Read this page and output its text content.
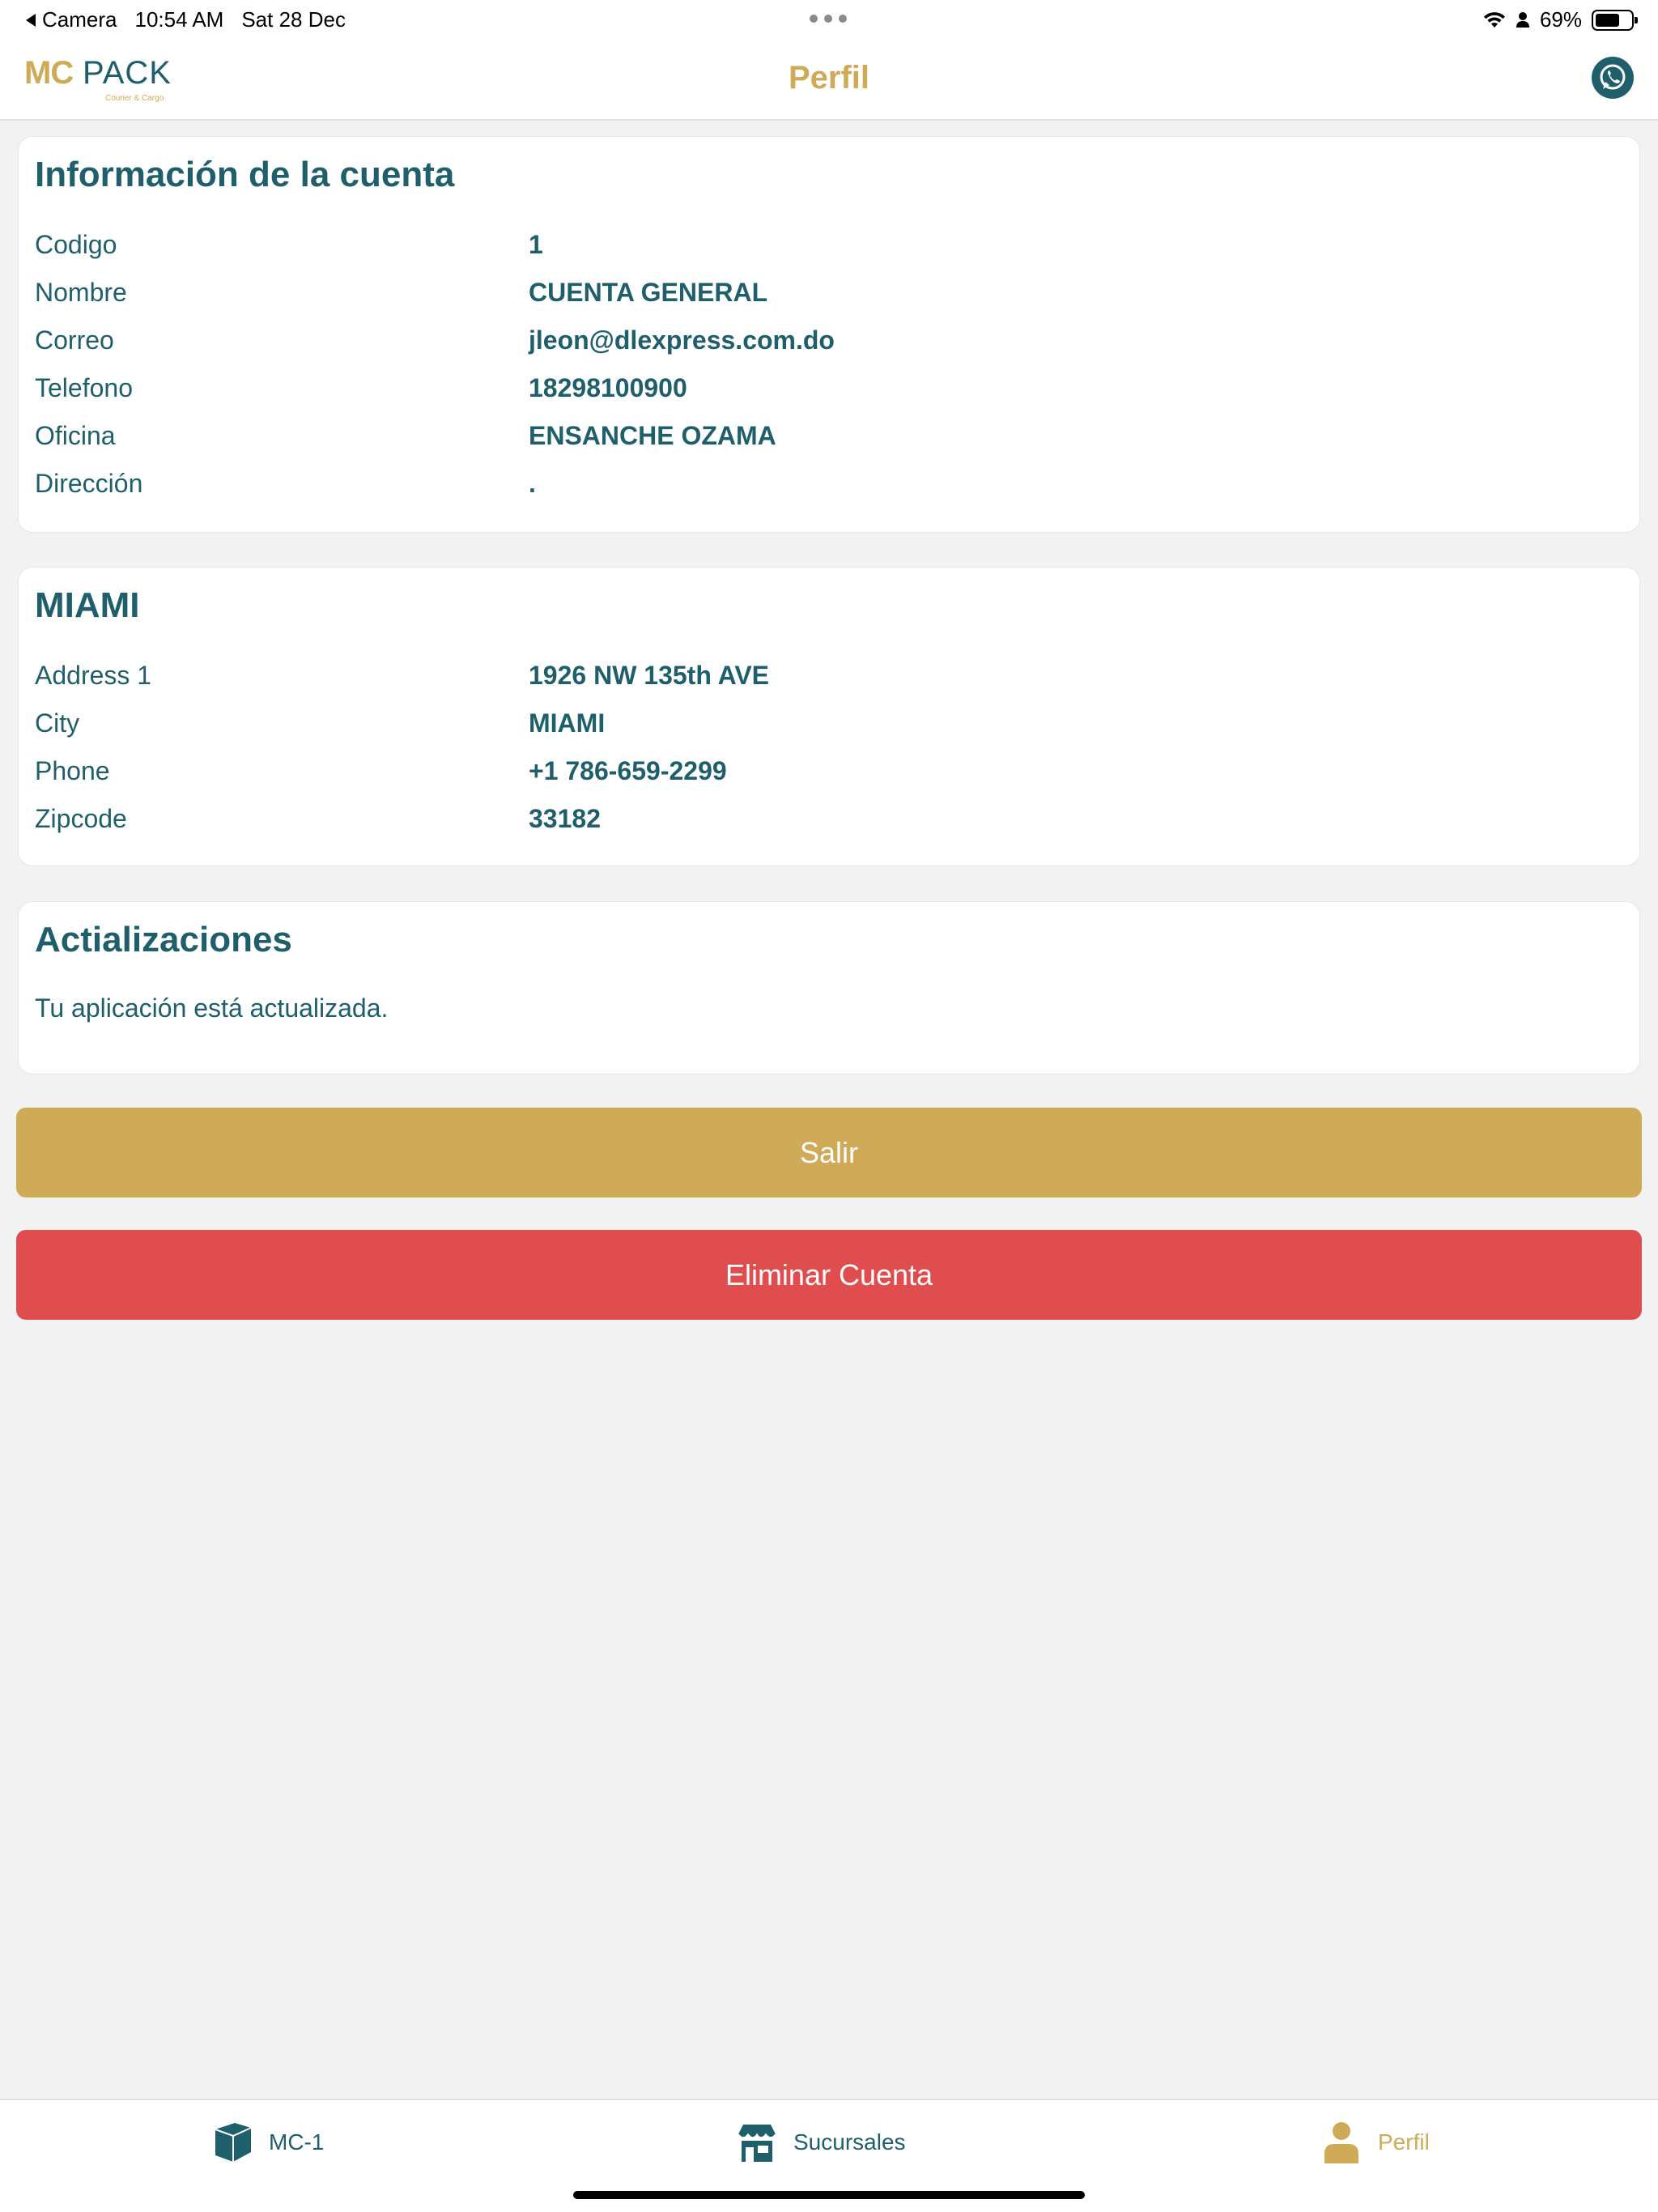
Camera 10:54 AM Sat 28 Dec	69%
MC PACK
Courier & Cargo
Perfil
Información de la cuenta
Codigo	1
Nombre	CUENTA GENERAL
Correo	jleon@dlexpress.com.do
Telefono	18298100900
Oficina	ENSANCHE OZAMA
Dirección	.
MIAMI
Address 1	1926 NW 135th AVE
City	MIAMI
Phone	+1 786-659-2299
Zipcode	33182
Actializaciones
Tu aplicación está actualizada.
Salir
Eliminar Cuenta
MC-1	Sucursales	Perfil
